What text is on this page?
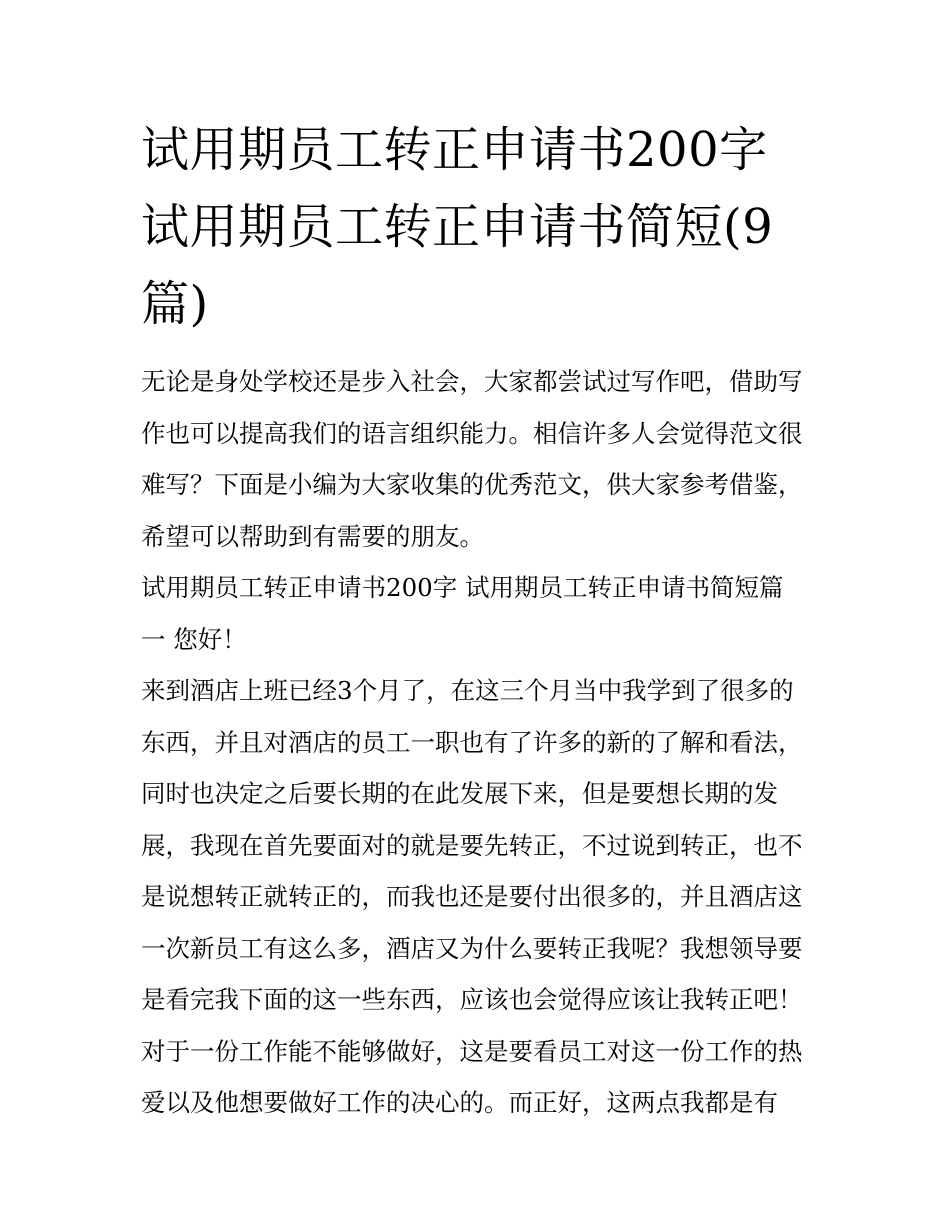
试用期员工转正申请书200字
试用期员工转正申请书简短(9
篇)
无论是身处学校还是步入社会，大家都尝试过写作吧，借助写
作也可以提高我们的语言组织能力。相信许多人会觉得范文很
难写？下面是小编为大家收集的优秀范文，供大家参考借鉴，
希望可以帮助到有需要的朋友。
试用期员工转正申请书200字 试用期员工转正申请书简短篇
一 您好！
来到酒店上班已经3个月了，在这三个月当中我学到了很多的
东西，并且对酒店的员工一职也有了许多的新的了解和看法，
同时也决定之后要长期的在此发展下来，但是要想长期的发
展，我现在首先要面对的就是要先转正，不过说到转正，也不
是说想转正就转正的，而我也还是要付出很多的，并且酒店这
一次新员工有这么多，酒店又为什么要转正我呢？我想领导要
是看完我下面的这一些东西，应该也会觉得应该让我转正吧！
对于一份工作能不能够做好，这是要看员工对这一份工作的热
爱以及他想要做好工作的决心的。而正好，这两点我都是有
